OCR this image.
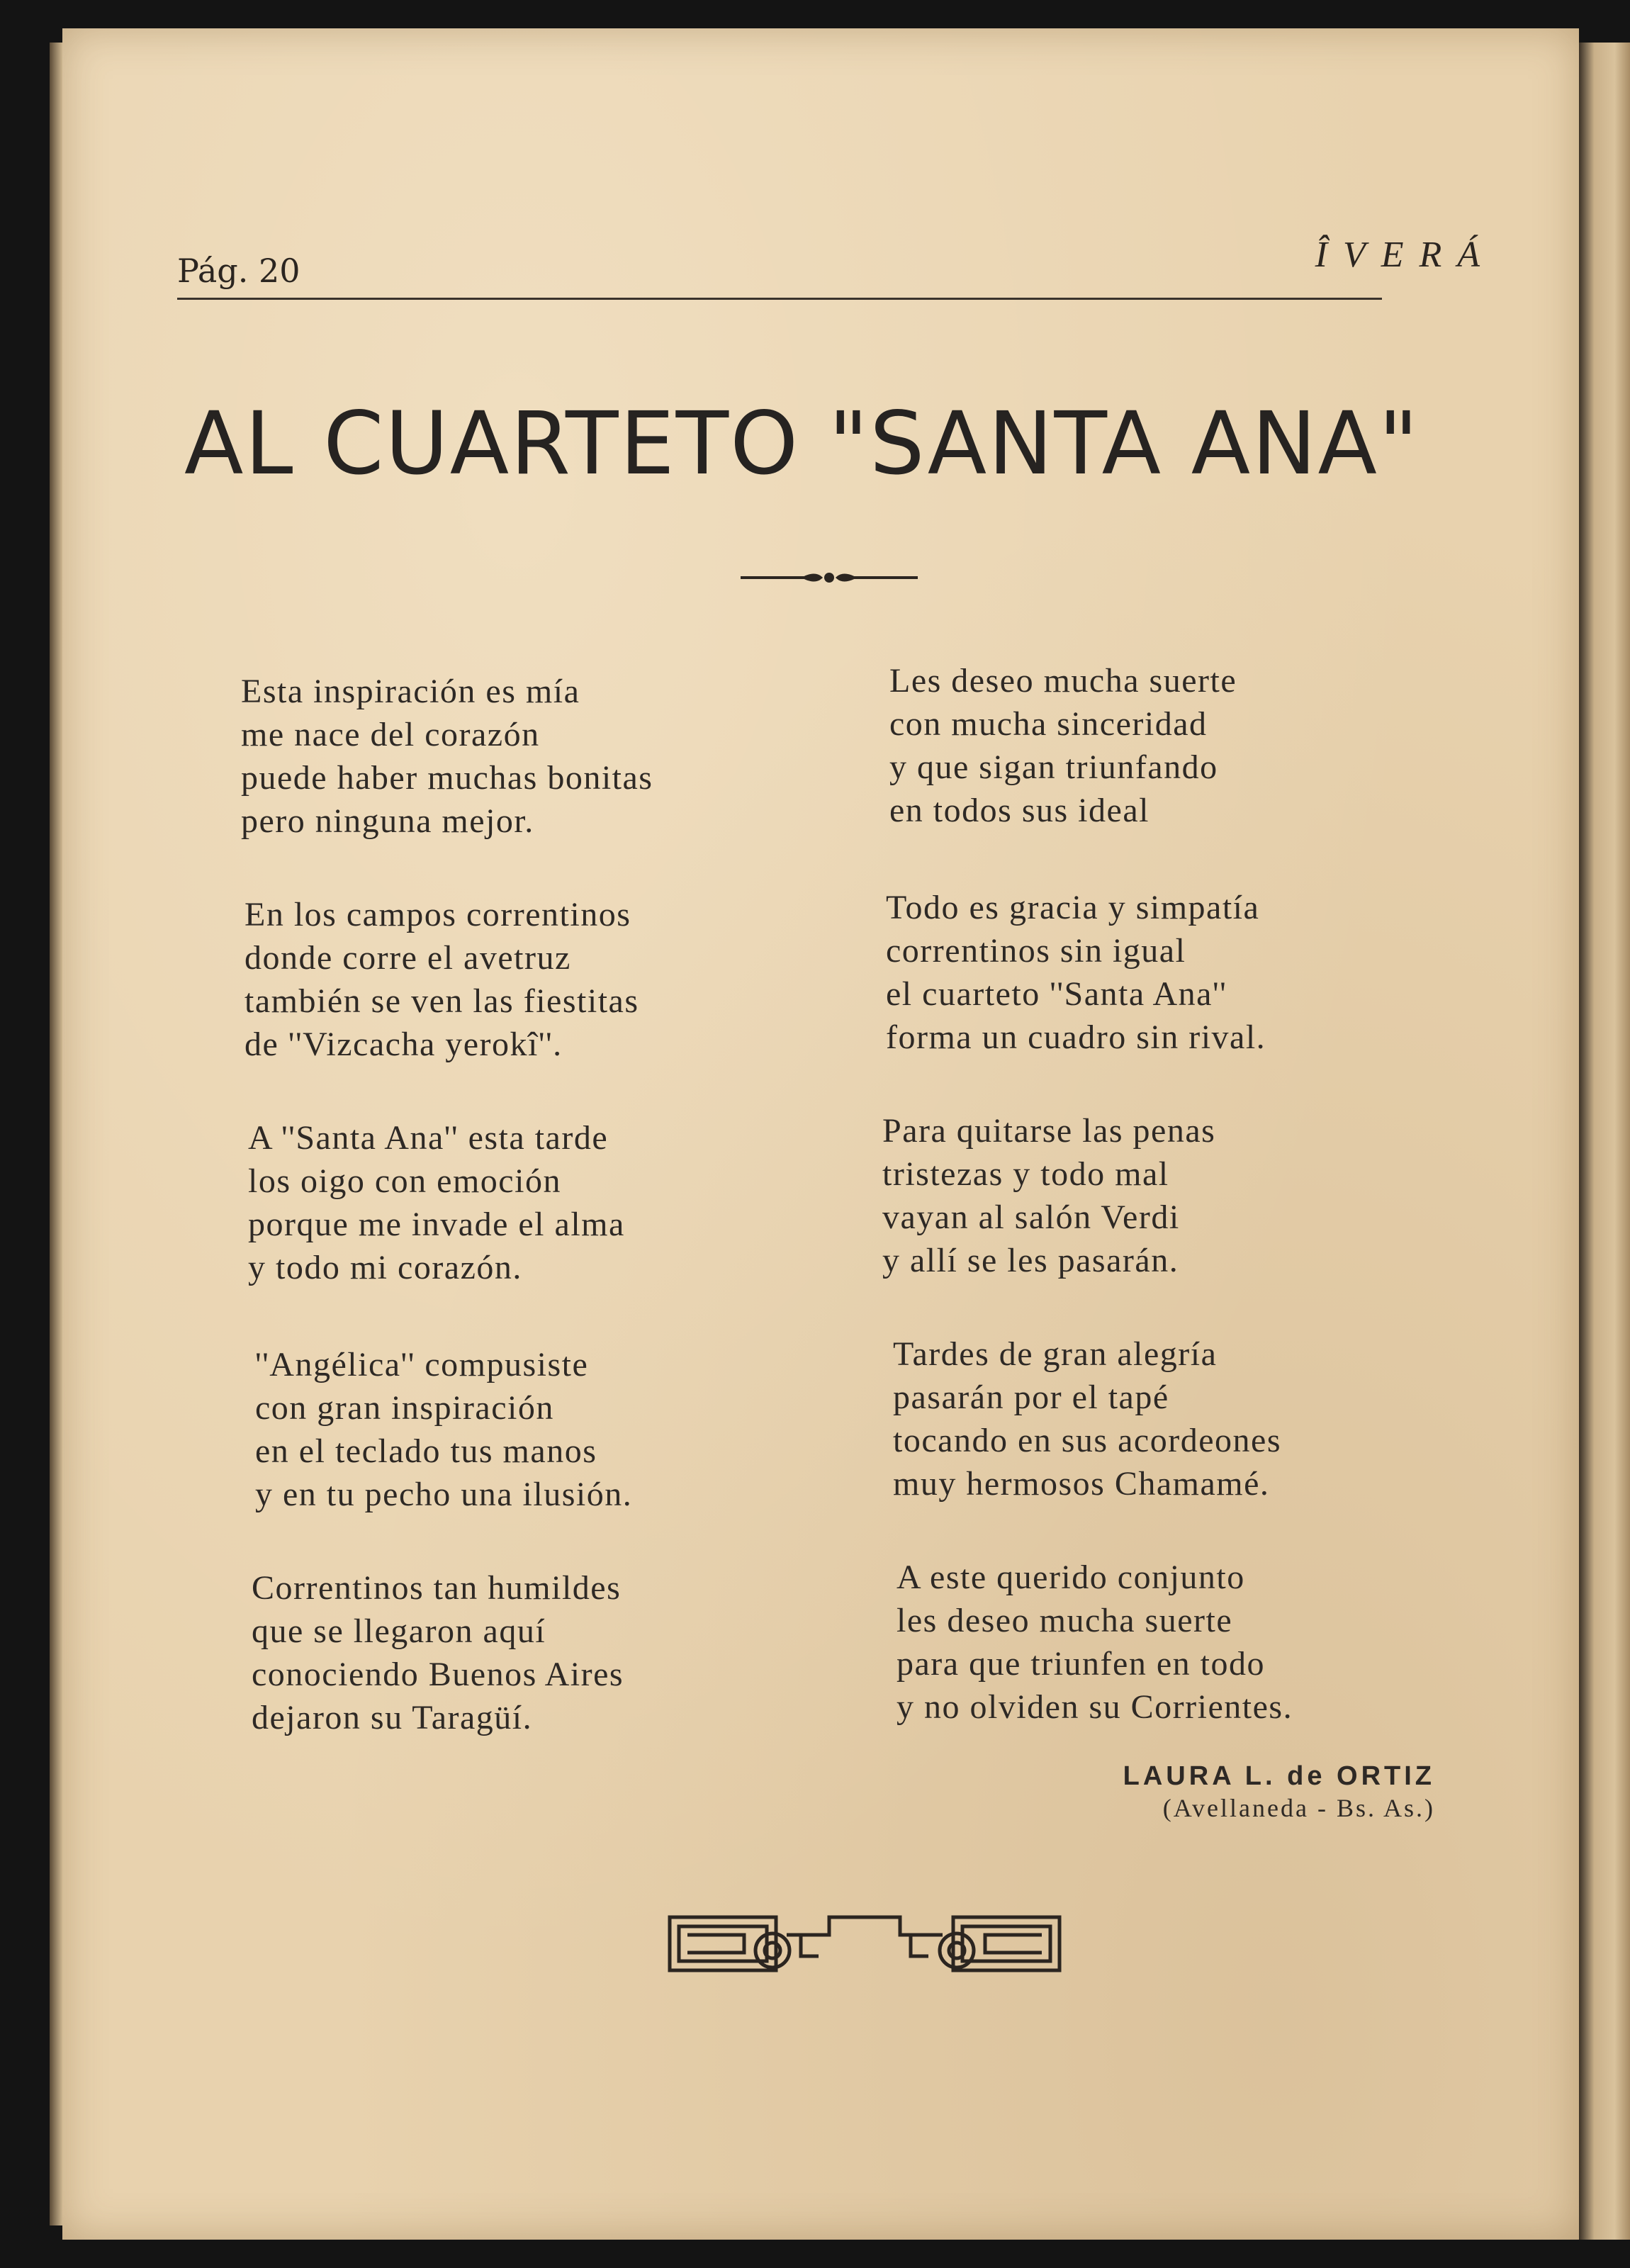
Pág. 20	ÎVERÁ
AL CUARTETO "SANTA ANA"
Esta inspiración es mía
me nace del corazón
puede haber muchas bonitas
pero ninguna mejor.
En los campos correntinos
donde corre el avetruz
también se ven las fiestitas
de ''Vizcacha yerokî''.
A ''Santa Ana'' esta tarde
los oigo con emoción
porque me invade el alma
y todo mi corazón.
''Angélica'' compusiste
con gran inspiración
en el teclado tus manos
y en tu pecho una ilusión.
Correntinos tan humildes
que se llegaron aquí
conociendo Buenos Aires
dejaron su Taragüí.
Les deseo mucha suerte
con mucha sinceridad
y que sigan triunfando
en todos sus ideal
Todo es gracia y simpatía
correntinos sin igual
el cuarteto ''Santa Ana''
forma un cuadro sin rival.
Para quitarse las penas
tristezas y todo mal
vayan al salón Verdi
y allí se les pasarán.
Tardes de gran alegría
pasarán por el tapé
tocando en sus acordeones
muy hermosos Chamamé.
A este querido conjunto
les deseo mucha suerte
para que triunfen en todo
y no olviden su Corrientes.
LAURA L. de ORTIZ
(Avellaneda - Bs. As.)
